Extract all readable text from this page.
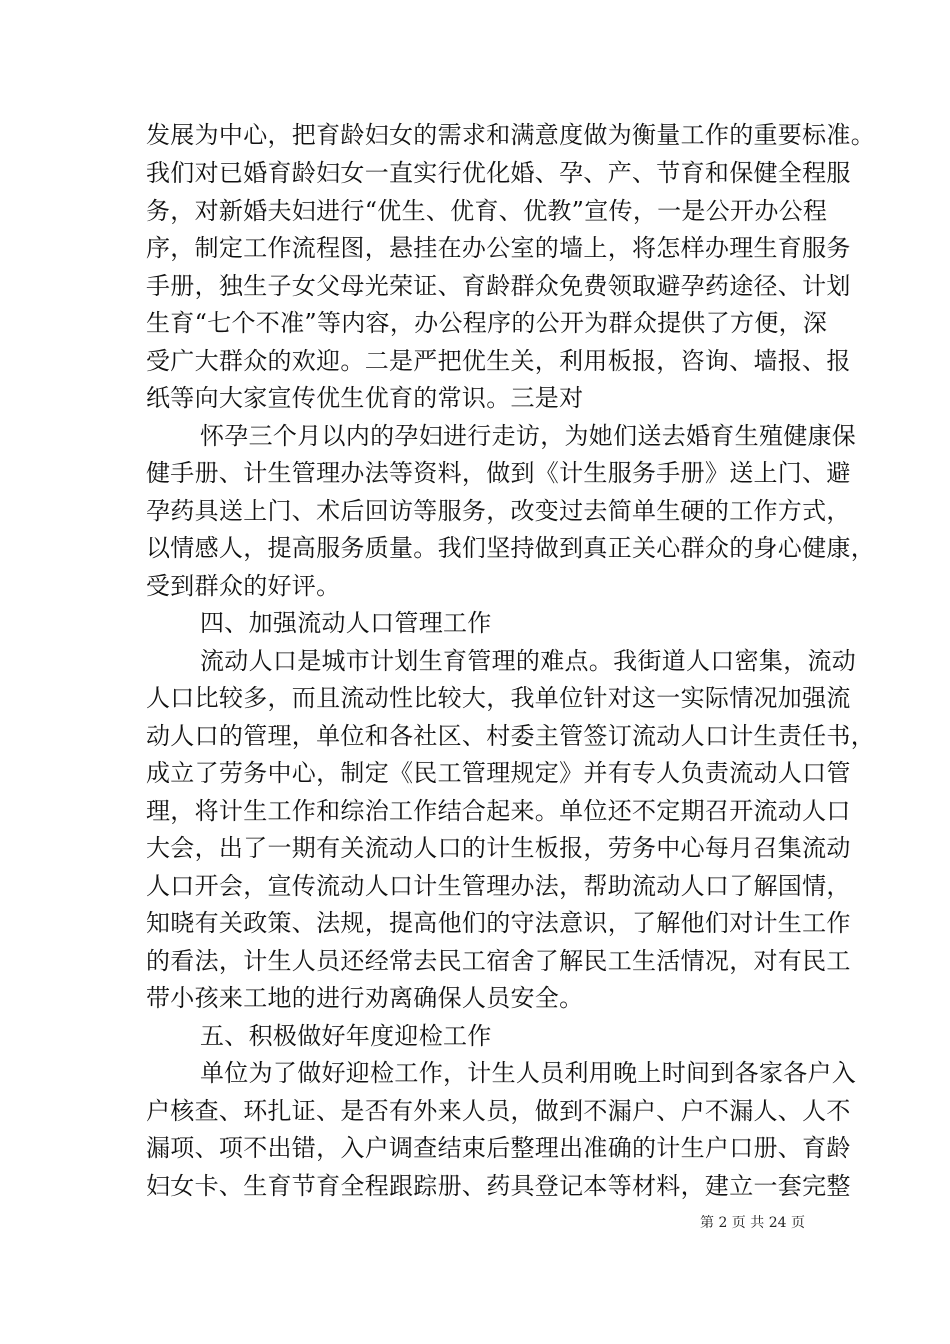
发展为中心，把育龄妇女的需求和满意度做为衡量工作的重要标准。
我们对已婚育龄妇女一直实行优化婚、孕、产、节育和保健全程服
务，对新婚夫妇进行“优生、优育、优教”宣传，一是公开办公程
序，制定工作流程图，悬挂在办公室的墙上，将怎样办理生育服务
手册，独生子女父母光荣证、育龄群众免费领取避孕药途径、计划
生育“七个不准”等内容，办公程序的公开为群众提供了方便，深
受广大群众的欢迎。二是严把优生关，利用板报，咨询、墙报、报
纸等向大家宣传优生优育的常识。三是对
怀孕三个月以内的孕妇进行走访，为她们送去婚育生殖健康保
健手册、计生管理办法等资料，做到《计生服务手册》送上门、避
孕药具送上门、术后回访等服务，改变过去简单生硬的工作方式，
以情感人，提高服务质量。我们坚持做到真正关心群众的身心健康，
受到群众的好评。
四、加强流动人口管理工作
流动人口是城市计划生育管理的难点。我街道人口密集，流动
人口比较多，而且流动性比较大，我单位针对这一实际情况加强流
动人口的管理，单位和各社区、村委主管签订流动人口计生责任书，
成立了劳务中心，制定《民工管理规定》并有专人负责流动人口管
理，将计生工作和综治工作结合起来。单位还不定期召开流动人口
大会，出了一期有关流动人口的计生板报，劳务中心每月召集流动
人口开会，宣传流动人口计生管理办法，帮助流动人口了解国情，
知晓有关政策、法规，提高他们的守法意识，了解他们对计生工作
的看法，计生人员还经常去民工宿舍了解民工生活情况，对有民工
带小孩来工地的进行劝离确保人员安全。
五、积极做好年度迎检工作
单位为了做好迎检工作，计生人员利用晚上时间到各家各户入
户核查、环扎证、是否有外来人员，做到不漏户、户不漏人、人不
漏项、项不出错，入户调查结束后整理出准确的计生户口册、育龄
妇女卡、生育节育全程跟踪册、药具登记本等材料，建立一套完整
第 2 页 共 24 页
